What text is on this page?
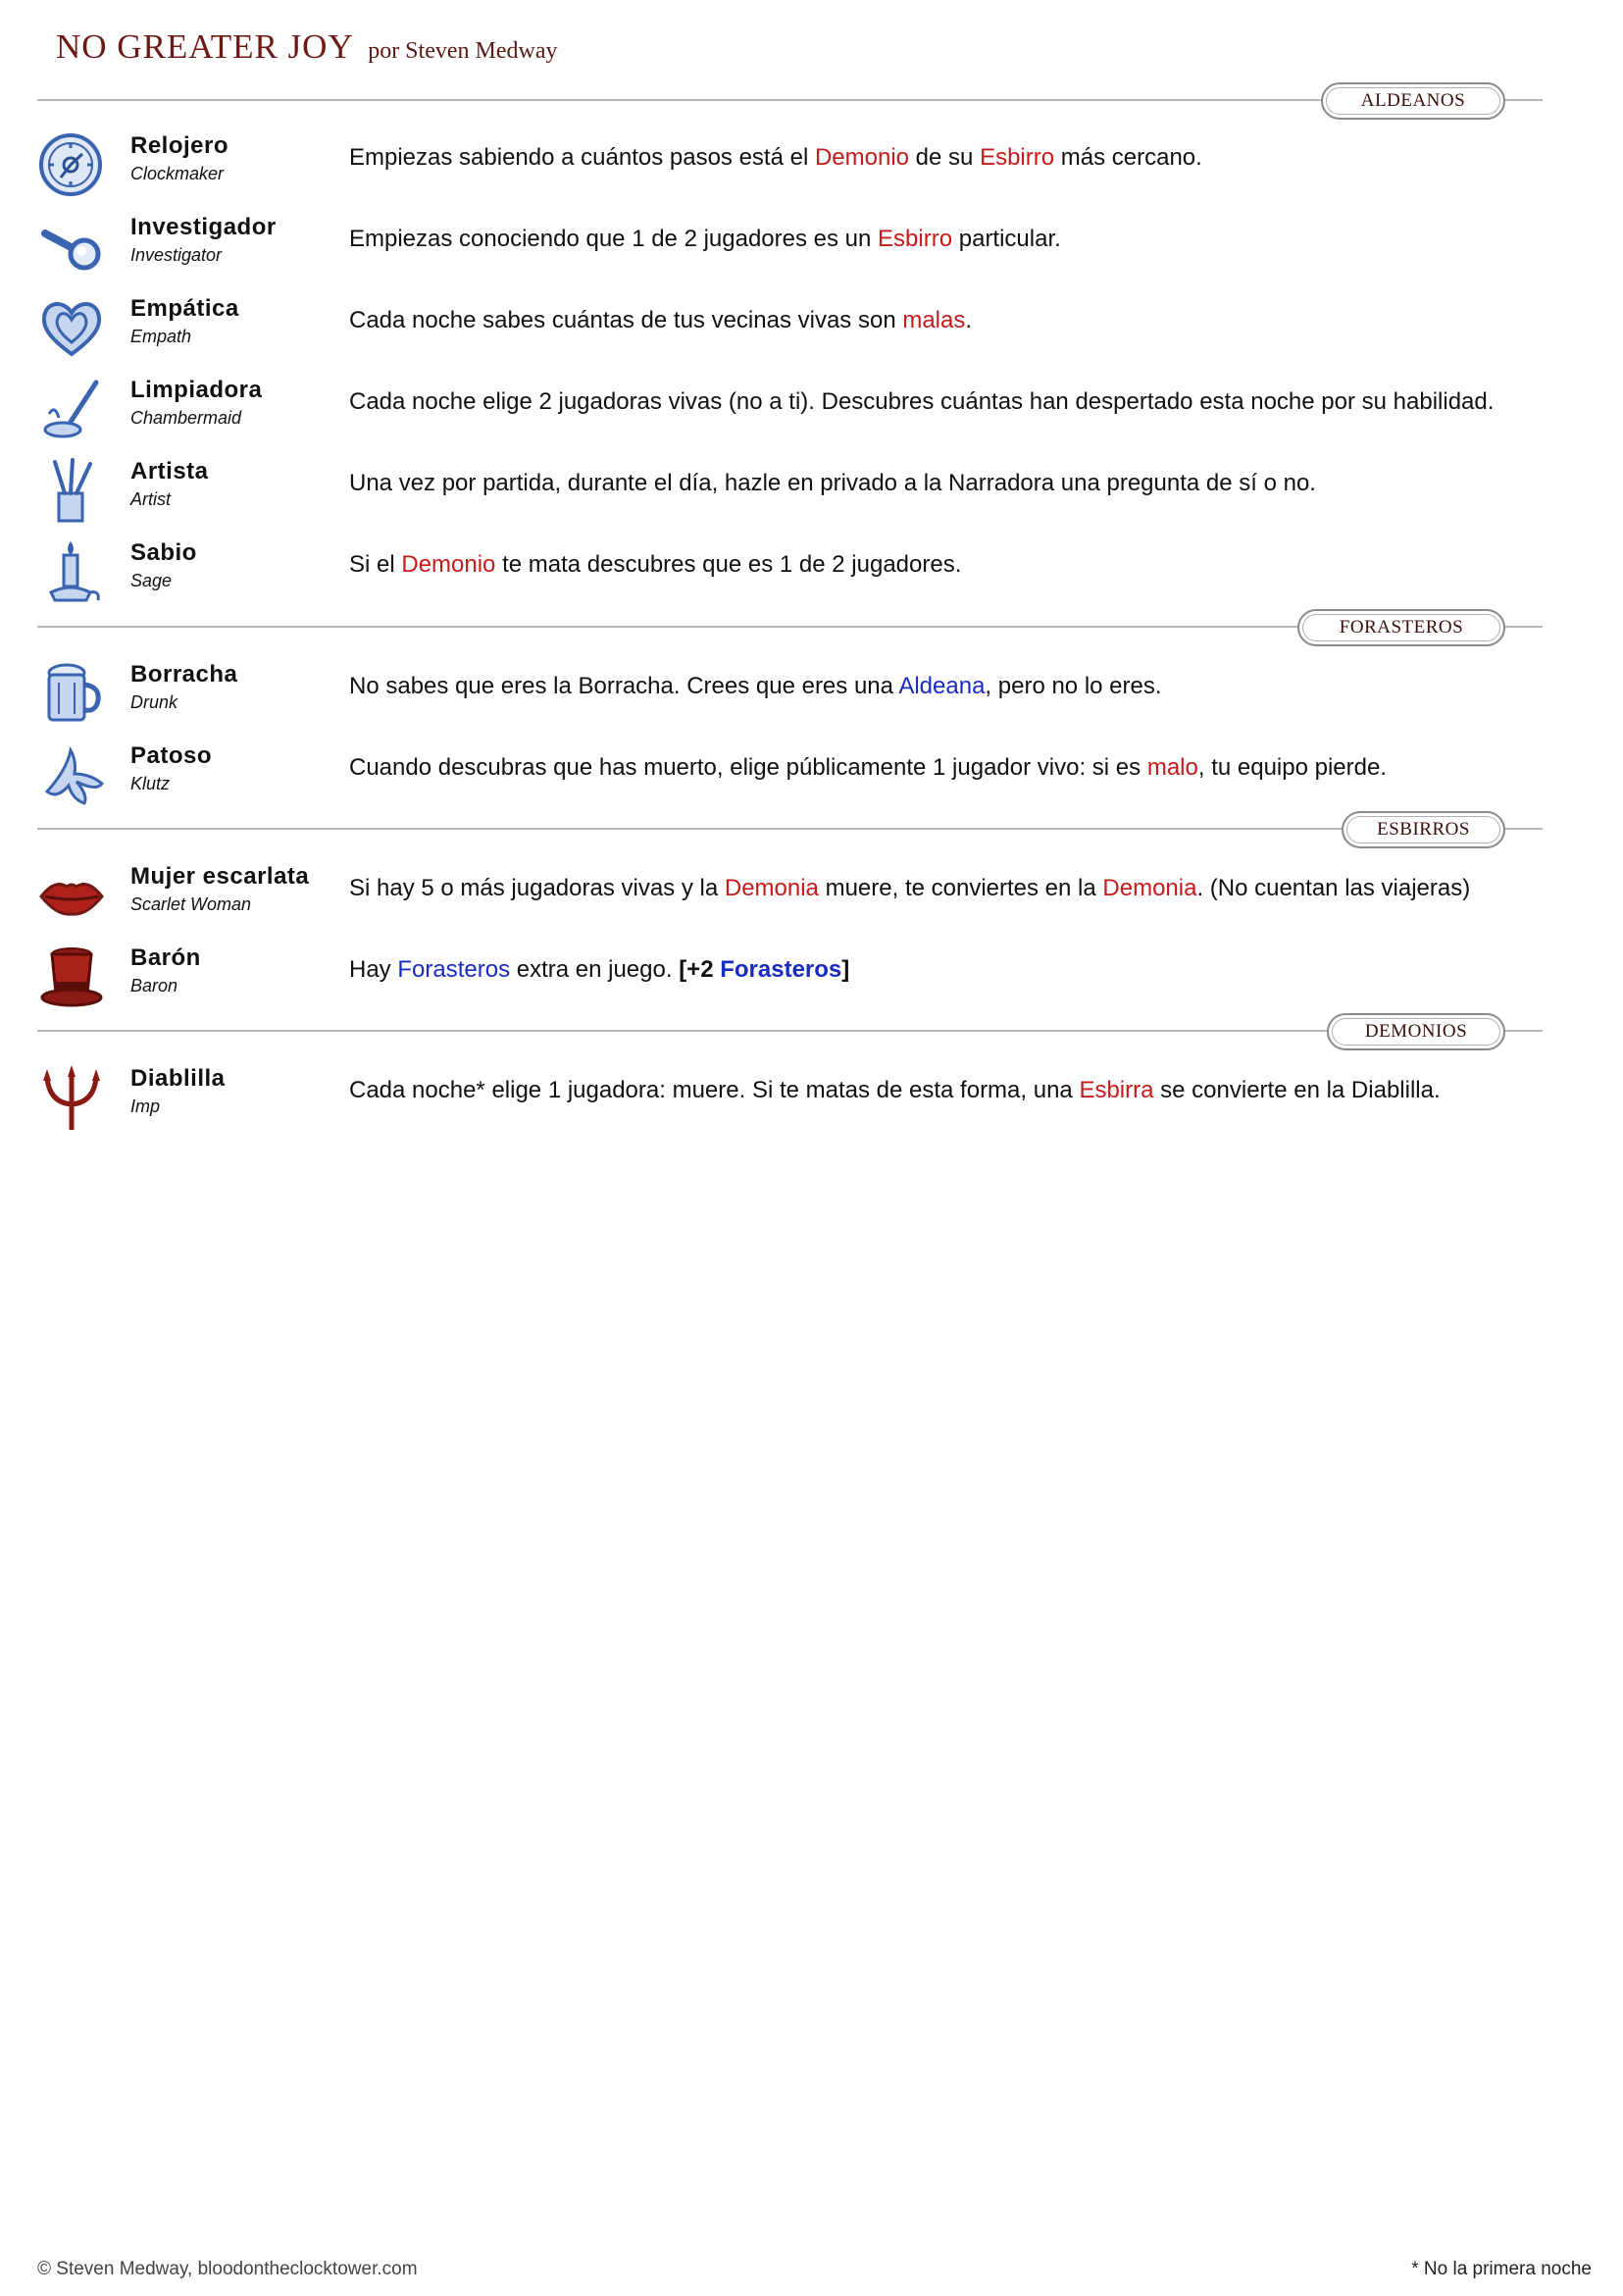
NO GREATER JOY por Steven Medway
ALDEANOS
Relojero
Clockmaker
Empiezas sabiendo a cuántos pasos está el Demonio de su Esbirro más cercano.
Investigador
Investigator
Empiezas conociendo que 1 de 2 jugadores es un Esbirro particular.
Empática
Empath
Cada noche sabes cuántas de tus vecinas vivas son malas.
Limpiadora
Chambermaid
Cada noche elige 2 jugadoras vivas (no a ti). Descubres cuántas han despertado esta noche por su habilidad.
Artista
Artist
Una vez por partida, durante el día, hazle en privado a la Narradora una pregunta de sí o no.
Sabio
Sage
Si el Demonio te mata descubres que es 1 de 2 jugadores.
FORASTEROS
Borracha
Drunk
No sabes que eres la Borracha. Crees que eres una Aldeana, pero no lo eres.
Patoso
Klutz
Cuando descubras que has muerto, elige públicamente 1 jugador vivo: si es malo, tu equipo pierde.
ESBIRROS
Mujer escarlata
Scarlet Woman
Si hay 5 o más jugadoras vivas y la Demonia muere, te conviertes en la Demonia. (No cuentan las viajeras)
Barón
Baron
Hay Forasteros extra en juego. [+2 Forasteros]
DEMONIOS
Diablilla
Imp
Cada noche* elige 1 jugadora: muere. Si te matas de esta forma, una Esbirra se convierte en la Diablilla.
© Steven Medway, bloodontheclocktower.com	* No la primera noche
